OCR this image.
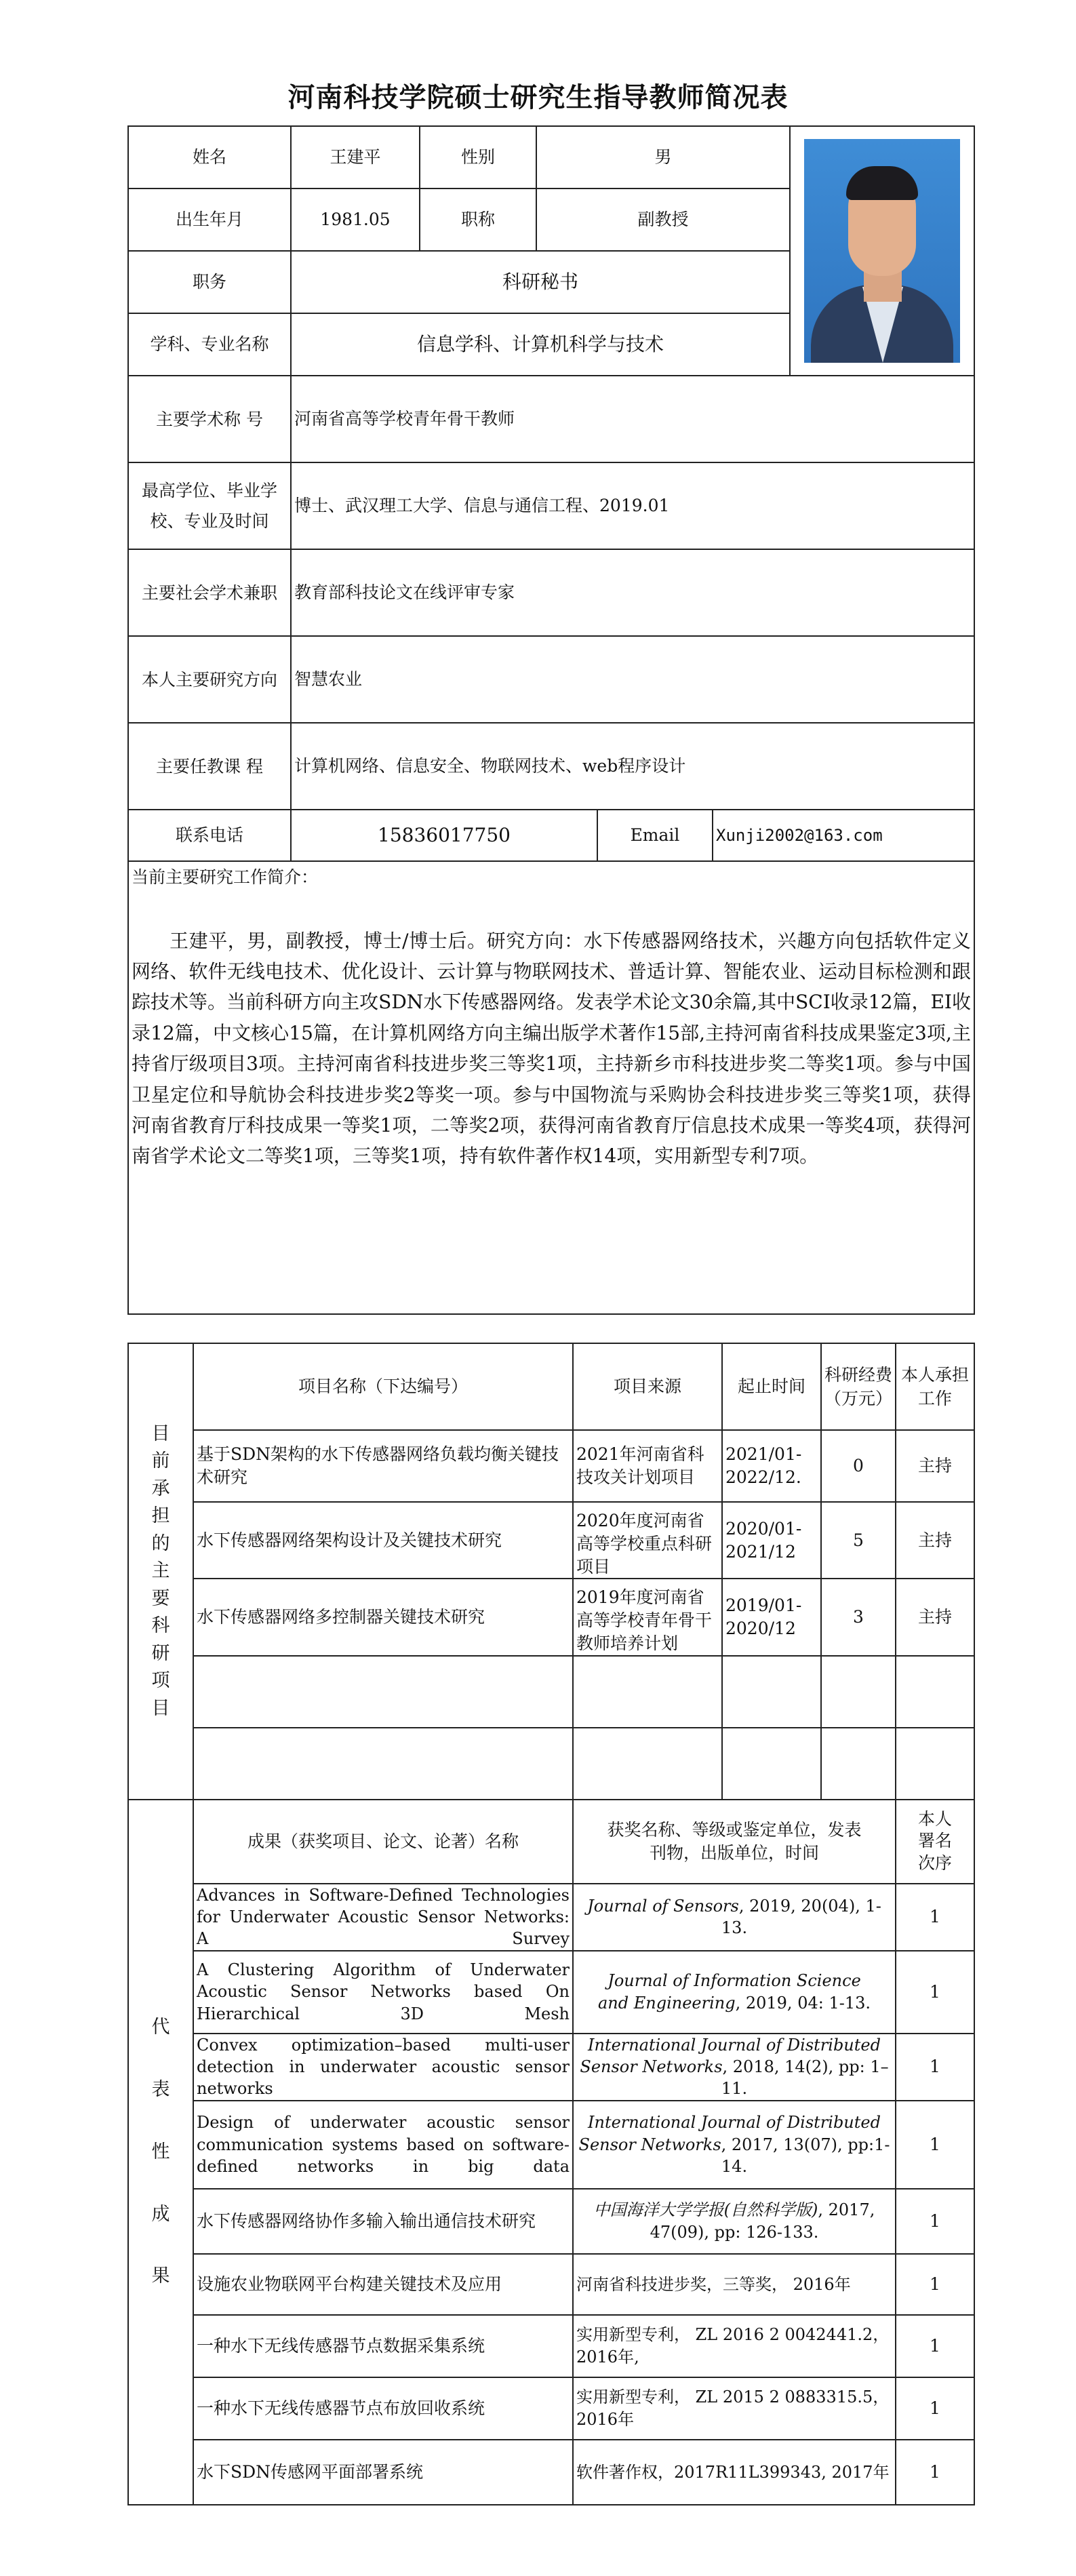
河南科技学院硕士研究生指导教师简况表
姓名	王建平	性别	男			

出生年月	1981.05	职称	副教授			
职务	科研秘书					
学科、专业名称	信息学科、计算机科学与技术					
主要学术称 号	河南省高等学校青年骨干教师					
最高学位、毕业学校、专业及时间	博士、武汉理工大学、信息与通信工程、2019.01					
主要社会学术兼职	教育部科技论文在线评审专家					
本人主要研究方向	智慧农业					
主要任教课 程	计算机网络、信息安全、物联网技术、web程序设计					
联系电话	15836017750			Email	Xunji2002@163.com	

当前主要研究工作简介：

王建平，男，副教授，博士/博士后。研究方向：水下传感器网络技术，兴趣方向包括软件定义网络、软件无线电技术、优化设计、云计算与物联网技术、普适计算、智能农业、运动目标检测和跟踪技术等。当前科研方向主攻SDN水下传感器网络。发表学术论文30余篇,其中SCI收录12篇，EI收录12篇，中文核心15篇，在计算机网络方向主编出版学术著作15部,主持河南省科技成果鉴定3项,主持省厅级项目3项。主持河南省科技进步奖三等奖1项，主持新乡市科技进步奖二等奖1项。参与中国卫星定位和导航协会科技进步奖2等奖一项。参与中国物流与采购协会科技进步奖三等奖1项，获得河南省教育厅科技成果一等奖1项，二等奖2项，获得河南省教育厅信息技术成果一等奖4项，获得河南省学术论文二等奖1项，三等奖1项，持有软件著作权14项，实用新型专利7项。						

目前承担的主要科研项目	项目名称（下达编号）	项目来源	起止时间	科研经费（万元）	本人承担工作
	基于SDN架构的水下传感器网络负载均衡关键技术研究	2021年河南省科技攻关计划项目	2021/01-2022/12.	0	主持
	水下传感器网络架构设计及关键技术研究	2020年度河南省高等学校重点科研项目	2020/01-2021/12	5	主持
	水下传感器网络多控制器关键技术研究	2019年度河南省高等学校青年骨干教师培养计划	2019/01-2020/12	3	主持

代表性成果	成果（获奖项目、论文、论著）名称	获奖名称、等级或鉴定单位，发表刊物，出版单位，时间			本人署名次序
	Advances in Software-Defined Technologies for Underwater Acoustic Sensor Networks: A Survey	Journal of Sensors, 2019, 20(04), 1-13.			1
	A Clustering Algorithm of Underwater Acoustic Sensor Networks based On Hierarchical 3D Mesh	Journal of Information Science and Engineering, 2019, 04: 1-13.			1
	Convex optimization–based multi-user detection in underwater acoustic sensor networks	International Journal of Distributed Sensor Networks, 2018, 14(2), pp: 1–11.			1
	Design of underwater acoustic sensor communication systems based on software-defined networks in big data	International Journal of Distributed Sensor Networks, 2017, 13(07), pp:1-14.			1
	水下传感器网络协作多输入输出通信技术研究	中国海洋大学学报(自然科学版), 2017, 47(09), pp: 126-133.			1
	设施农业物联网平台构建关键技术及应用	河南省科技进步奖，三等奖， 2016年			1
	一种水下无线传感器节点数据采集系统	实用新型专利， ZL 2016 2 0042441.2，2016年,			1
	一种水下无线传感器节点布放回收系统	实用新型专利， ZL 2015 2 0883315.5，2016年			1
	水下SDN传感网平面部署系统	软件著作权，2017R11L399343, 2017年			1
